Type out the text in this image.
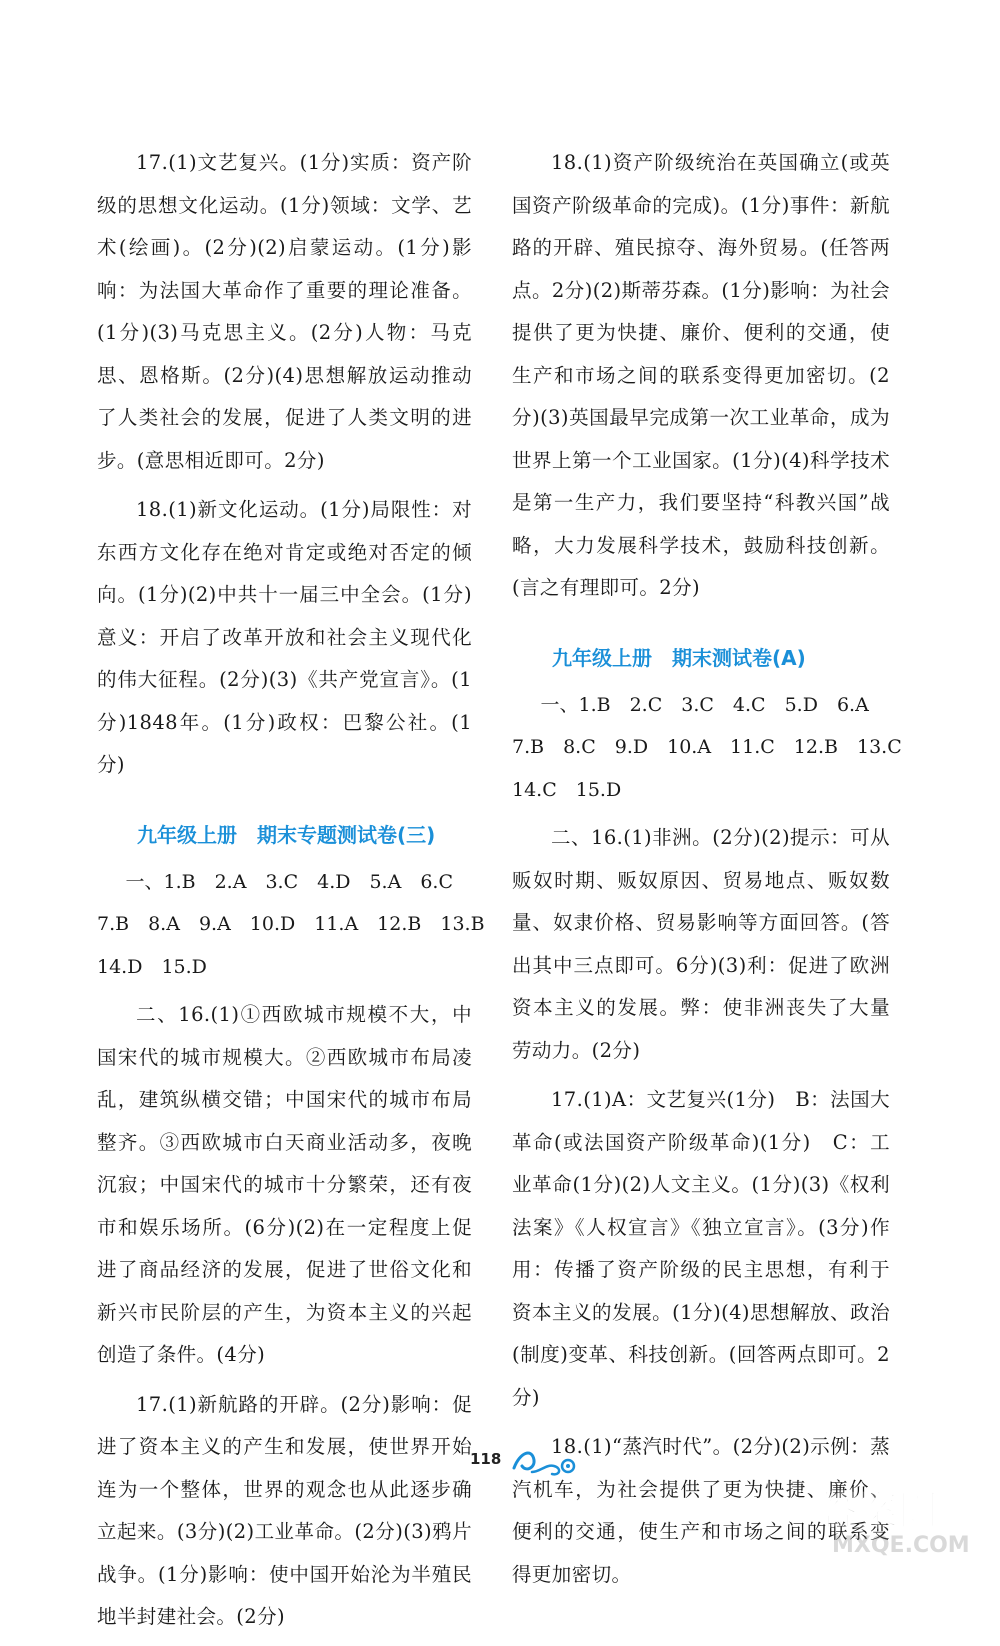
17.(1)文艺复兴。(1分)实质：资产阶级的思想文化运动。(1分)领域：文学、艺术(绘画)。(2分)(2)启蒙运动。(1分)影响：为法国大革命作了重要的理论准备。(1分)(3)马克思主义。(2分)人物：马克思、恩格斯。(2分)(4)思想解放运动推动了人类社会的发展，促进了人类文明的进步。(意思相近即可。2分)

18.(1)新文化运动。(1分)局限性：对东西方文化存在绝对肯定或绝对否定的倾向。(1分)(2)中共十一届三中全会。(1分)意义：开启了改革开放和社会主义现代化的伟大征程。(2分)(3)《共产党宣言》。(1分)1848年。(1分)政权：巴黎公社。(1分)

九年级上册　期末专题测试卷(三)
一、1.B　2.A　3.C　4.D　5.A　6.C
7.B　8.A　9.A　10.D　11.A　12.B　13.B
14.D　15.D

二、16.(1)①西欧城市规模不大，中国宋代的城市规模大。②西欧城市布局凌乱，建筑纵横交错；中国宋代的城市布局整齐。③西欧城市白天商业活动多，夜晚沉寂；中国宋代的城市十分繁荣，还有夜市和娱乐场所。(6分)(2)在一定程度上促进了商品经济的发展，促进了世俗文化和新兴市民阶层的产生，为资本主义的兴起创造了条件。(4分)

17.(1)新航路的开辟。(2分)影响：促进了资本主义的产生和发展，使世界开始连为一个整体，世界的观念也从此逐步确立起来。(3分)(2)工业革命。(2分)(3)鸦片战争。(1分)影响：使中国开始沦为半殖民地半封建社会。(2分)

18.(1)资产阶级统治在英国确立(或英国资产阶级革命的完成)。(1分)事件：新航路的开辟、殖民掠夺、海外贸易。(任答两点。2分)(2)斯蒂芬森。(1分)影响：为社会提供了更为快捷、廉价、便利的交通，使生产和市场之间的联系变得更加密切。(2分)(3)英国最早完成第一次工业革命，成为世界上第一个工业国家。(1分)(4)科学技术是第一生产力，我们要坚持“科教兴国”战略，大力发展科学技术，鼓励科技创新。(言之有理即可。2分)

九年级上册　期末测试卷(A)
一、1.B　2.C　3.C　4.C　5.D　6.A
7.B　8.C　9.D　10.A　11.C　12.B　13.C
14.C　15.D

二、16.(1)非洲。(2分)(2)提示：可从贩奴时期、贩奴原因、贸易地点、贩奴数量、奴隶价格、贸易影响等方面回答。(答出其中三点即可。6分)(3)利：促进了欧洲资本主义的发展。弊：使非洲丧失了大量劳动力。(2分)

17.(1)A：文艺复兴(1分)　B：法国大革命(或法国资产阶级革命)(1分)　C：工业革命(1分)(2)人文主义。(1分)(3)《权利法案》《人权宣言》《独立宣言》。(3分)作用：传播了资产阶级的民主思想，有利于资本主义的发展。(1分)(4)思想解放、政治(制度)变革、科技创新。(回答两点即可。2分)

18.(1)“蒸汽时代”。(2分)(2)示例：蒸汽机车，为社会提供了更为快捷、廉价、便利的交通，使生产和市场之间的联系变得更加密切。

118
答案圈
MXQE.COM
